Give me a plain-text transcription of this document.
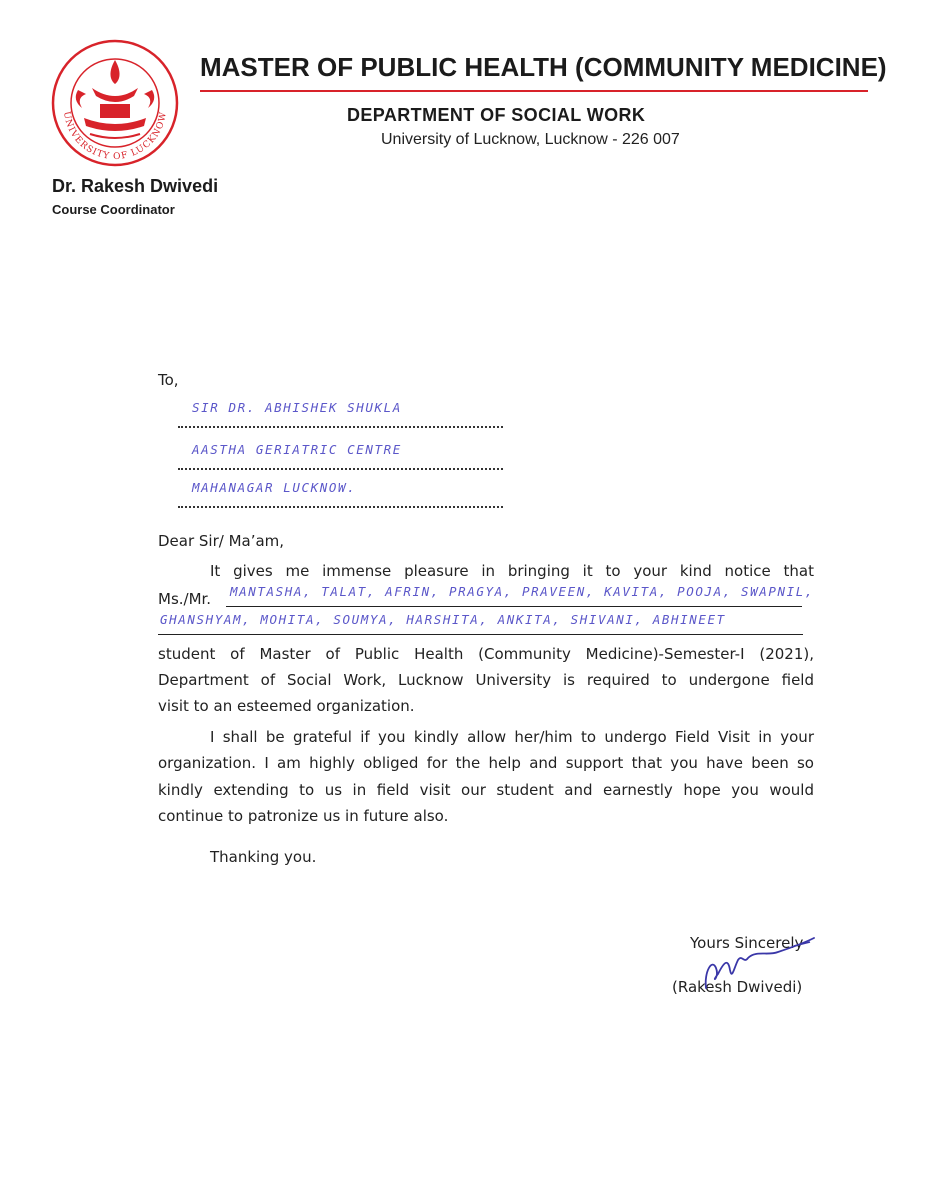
UNIVERSITY OF LUCKNOW
MASTER OF PUBLIC HEALTH (COMMUNITY MEDICINE)
DEPARTMENT OF SOCIAL WORK
University of Lucknow, Lucknow - 226 007
Dr. Rakesh Dwivedi
Course Coordinator
To,
SIR DR. ABHISHEK SHUKLA
AASTHA GERIATRIC CENTRE
MAHANAGAR LUCKNOW.
Dear Sir/ Ma’am,
It gives me immense pleasure in bringing it to your kind notice that
Ms./Mr. MANTASHA, TALAT, AFRIN, PRAGYA, PRAVEEN, KAVITA, POOJA, SWAPNIL,
GHANSHYAM, MOHITA, SOUMYA, HARSHITA, ANKITA, SHIVANI, ABHINEET
student of Master of Public Health (Community Medicine)-Semester-I (2021),
Department of Social Work, Lucknow University is required to undergone field
visit to an esteemed organization.
I shall be grateful if you kindly allow her/him to undergo Field Visit in your
organization. I am highly obliged for the help and support that you have been so
kindly extending to us in field visit our student and earnestly hope you would
continue to patronize us in future also.
Thanking you.
Yours Sincerely
(Rakesh Dwivedi)
